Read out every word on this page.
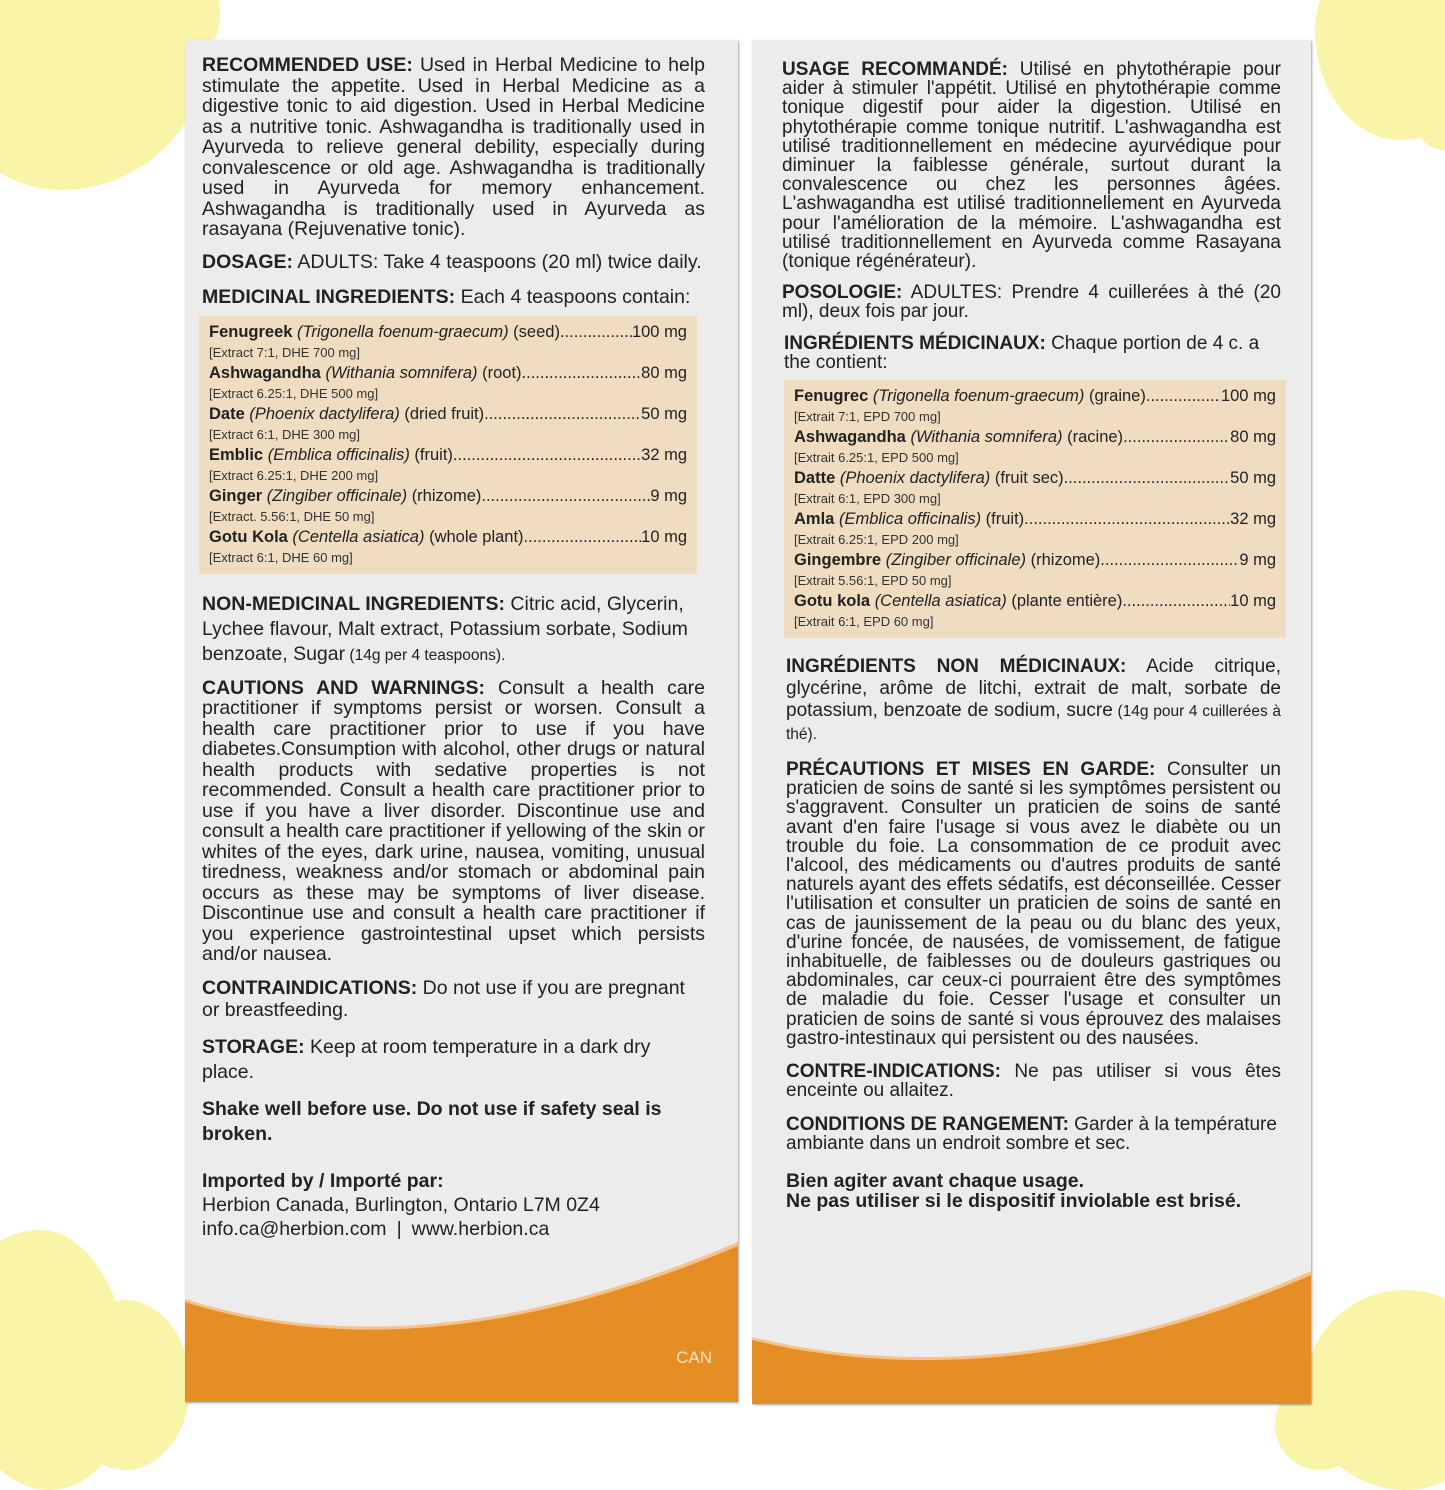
RECOMMENDED USE: Used in Herbal Medicine to help stimulate the appetite. Used in Herbal Medicine as a digestive tonic to aid digestion. Used in Herbal Medicine as a nutritive tonic. Ashwagandha is traditionally used in Ayurveda to relieve general debility, especially during convalescence or old age. Ashwagandha is traditionally used in Ayurveda for memory enhancement. Ashwagandha is traditionally used in Ayurveda as rasayana (Rejuvenative tonic).

DOSAGE: ADULTS: Take 4 teaspoons (20 ml) twice daily.

MEDICINAL INGREDIENTS: Each 4 teaspoons contain:

Fenugreek (Trigonella foenum-graecum) (seed) .....	100 mg
[Extract 7:1, DHE 700 mg]
Ashwagandha (Withania somnifera) (root) .....	80 mg
[Extract 6.25:1, DHE 500 mg]
Date (Phoenix dactylifera) (dried fruit) .....	50 mg
[Extract 6:1, DHE 300 mg]
Emblic (Emblica officinalis) (fruit) .....	32 mg
[Extract 6.25:1, DHE 200 mg]
Ginger (Zingiber officinale) (rhizome) .....	9 mg
[Extract. 5.56:1, DHE 50 mg]
Gotu Kola (Centella asiatica) (whole plant) .....	10 mg
[Extract 6:1, DHE 60 mg]

NON-MEDICINAL INGREDIENTS: Citric acid, Glycerin, Lychee flavour, Malt extract, Potassium sorbate, Sodium benzoate, Sugar (14g per 4 teaspoons).

CAUTIONS AND WARNINGS: Consult a health care practitioner if symptoms persist or worsen. Consult a health care practitioner prior to use if you have diabetes.Consumption with alcohol, other drugs or natural health products with sedative properties is not recommended. Consult a health care practitioner prior to use if you have a liver disorder. Discontinue use and consult a health care practitioner if yellowing of the skin or whites of the eyes, dark urine, nausea, vomiting, unusual tiredness, weakness and/or stomach or abdominal pain occurs as these may be symptoms of liver disease. Discontinue use and consult a health care practitioner if you experience gastrointestinal upset which persists and/or nausea.

CONTRAINDICATIONS: Do not use if you are pregnant or breastfeeding.

STORAGE: Keep at room temperature in a dark dry place.

Shake well before use. Do not use if safety seal is broken.

Imported by / Importé par:

Herbion Canada, Burlington, Ontario L7M 0Z4

info.ca@herbion.com | www.herbion.ca

CAN

USAGE RECOMMANDÉ: Utilisé en phytothérapie pour aider à stimuler l'appétit. Utilisé en phytothérapie comme tonique digestif pour aider la digestion. Utilisé en phytothérapie comme tonique nutritif. L'ashwagandha est utilisé traditionnellement en médecine ayurvédique pour diminuer la faiblesse générale, surtout durant la convalescence ou chez les personnes âgées. L'ashwagandha est utilisé traditionnellement en Ayurveda pour l'amélioration de la mémoire. L'ashwagandha est utilisé traditionnellement en Ayurveda comme Rasayana (tonique régénérateur).

POSOLOGIE: ADULTES: Prendre 4 cuillerées à thé (20 ml), deux fois par jour.

INGRÉDIENTS MÉDICINAUX: Chaque portion de 4 c. a the contient:

Fenugrec (Trigonella foenum-graecum) (graine) .....	100 mg
[Extrait 7:1, EPD 700 mg]
Ashwagandha (Withania somnifera) (racine) .....	80 mg
[Extrait 6.25:1, EPD 500 mg]
Datte (Phoenix dactylifera) (fruit sec) .....	50 mg
[Extrait 6:1, EPD 300 mg]
Amla (Emblica officinalis) (fruit) .....	32 mg
[Extrait 6.25:1, EPD 200 mg]
Gingembre (Zingiber officinale) (rhizome) .....	9 mg
[Extrait 5.56:1, EPD 50 mg]
Gotu kola (Centella asiatica) (plante entière) .....	10 mg
[Extrait 6:1, EPD 60 mg]

INGRÉDIENTS NON MÉDICINAUX: Acide citrique, glycérine, arôme de litchi, extrait de malt, sorbate de potassium, benzoate de sodium, sucre (14g pour 4 cuillerées à thé).

PRÉCAUTIONS ET MISES EN GARDE: Consulter un praticien de soins de santé si les symptômes persistent ou s'aggravent. Consulter un praticien de soins de santé avant d'en faire l'usage si vous avez le diabète ou un trouble du foie. La consommation de ce produit avec l'alcool, des médicaments ou d'autres produits de santé naturels ayant des effets sédatifs, est déconseillée. Cesser l'utilisation et consulter un praticien de soins de santé en cas de jaunissement de la peau ou du blanc des yeux, d'urine foncée, de nausées, de vomissement, de fatigue inhabituelle, de faiblesses ou de douleurs gastriques ou abdominales, car ceux-ci pourraient être des symptômes de maladie du foie. Cesser l'usage et consulter un praticien de soins de santé si vous éprouvez des malaises gastro-intestinaux qui persistent ou des nausées.

CONTRE-INDICATIONS: Ne pas utiliser si vous êtes enceinte ou allaitez.

CONDITIONS DE RANGEMENT: Garder à la température ambiante dans un endroit sombre et sec.

Bien agiter avant chaque usage.
Ne pas utiliser si le dispositif inviolable est brisé.
